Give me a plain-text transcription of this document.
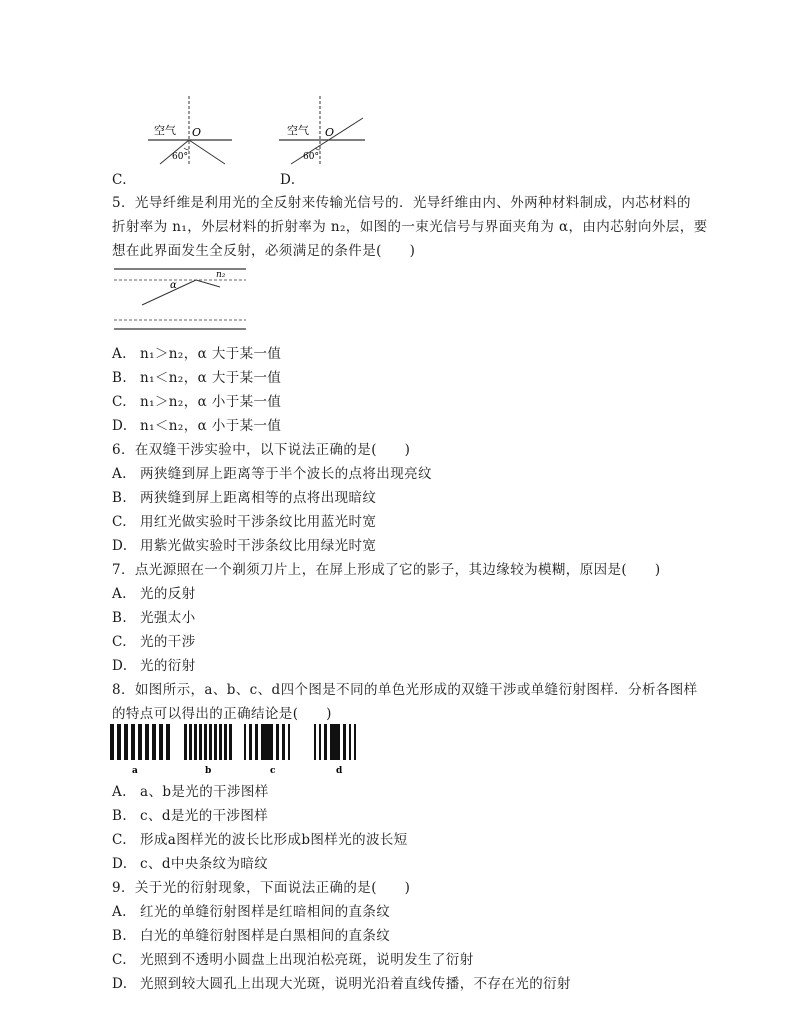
空气 O
60°
空气 O
60°
C.	D.
5．光导纤维是利用光的全反射来传输光信号的．光导纤维由内、外两种材料制成，内芯材料的
折射率为 n₁，外层材料的折射率为 n₂，如图的一束光信号与界面夹角为 α，由内芯射向外层，要
想在此界面发生全反射，必须满足的条件是(　　)
α
n₂
A. n₁＞n₂，α 大于某一值
B. n₁＜n₂，α 大于某一值
C. n₁＞n₂，α 小于某一值
D. n₁＜n₂，α 小于某一值
6．在双缝干涉实验中，以下说法正确的是(　　)
A. 两狭缝到屏上距离等于半个波长的点将出现亮纹
B. 两狭缝到屏上距离相等的点将出现暗纹
C. 用红光做实验时干涉条纹比用蓝光时宽
D. 用紫光做实验时干涉条纹比用绿光时宽
7．点光源照在一个剃须刀片上，在屏上形成了它的影子，其边缘较为模糊，原因是(　　)
A. 光的反射
B. 光强太小
C. 光的干涉
D. 光的衍射
8．如图所示，a、b、c、d四个图是不同的单色光形成的双缝干涉或单缝衍射图样．分析各图样
的特点可以得出的正确结论是(　　)
a	b	c	d
A. a、b是光的干涉图样
B. c、d是光的干涉图样
C. 形成a图样光的波长比形成b图样光的波长短
D. c、d中央条纹为暗纹
9．关于光的衍射现象，下面说法正确的是(　　)
A. 红光的单缝衍射图样是红暗相间的直条纹
B. 白光的单缝衍射图样是白黑相间的直条纹
C. 光照到不透明小圆盘上出现泊松亮斑，说明发生了衍射
D. 光照到较大圆孔上出现大光斑，说明光沿着直线传播，不存在光的衍射
